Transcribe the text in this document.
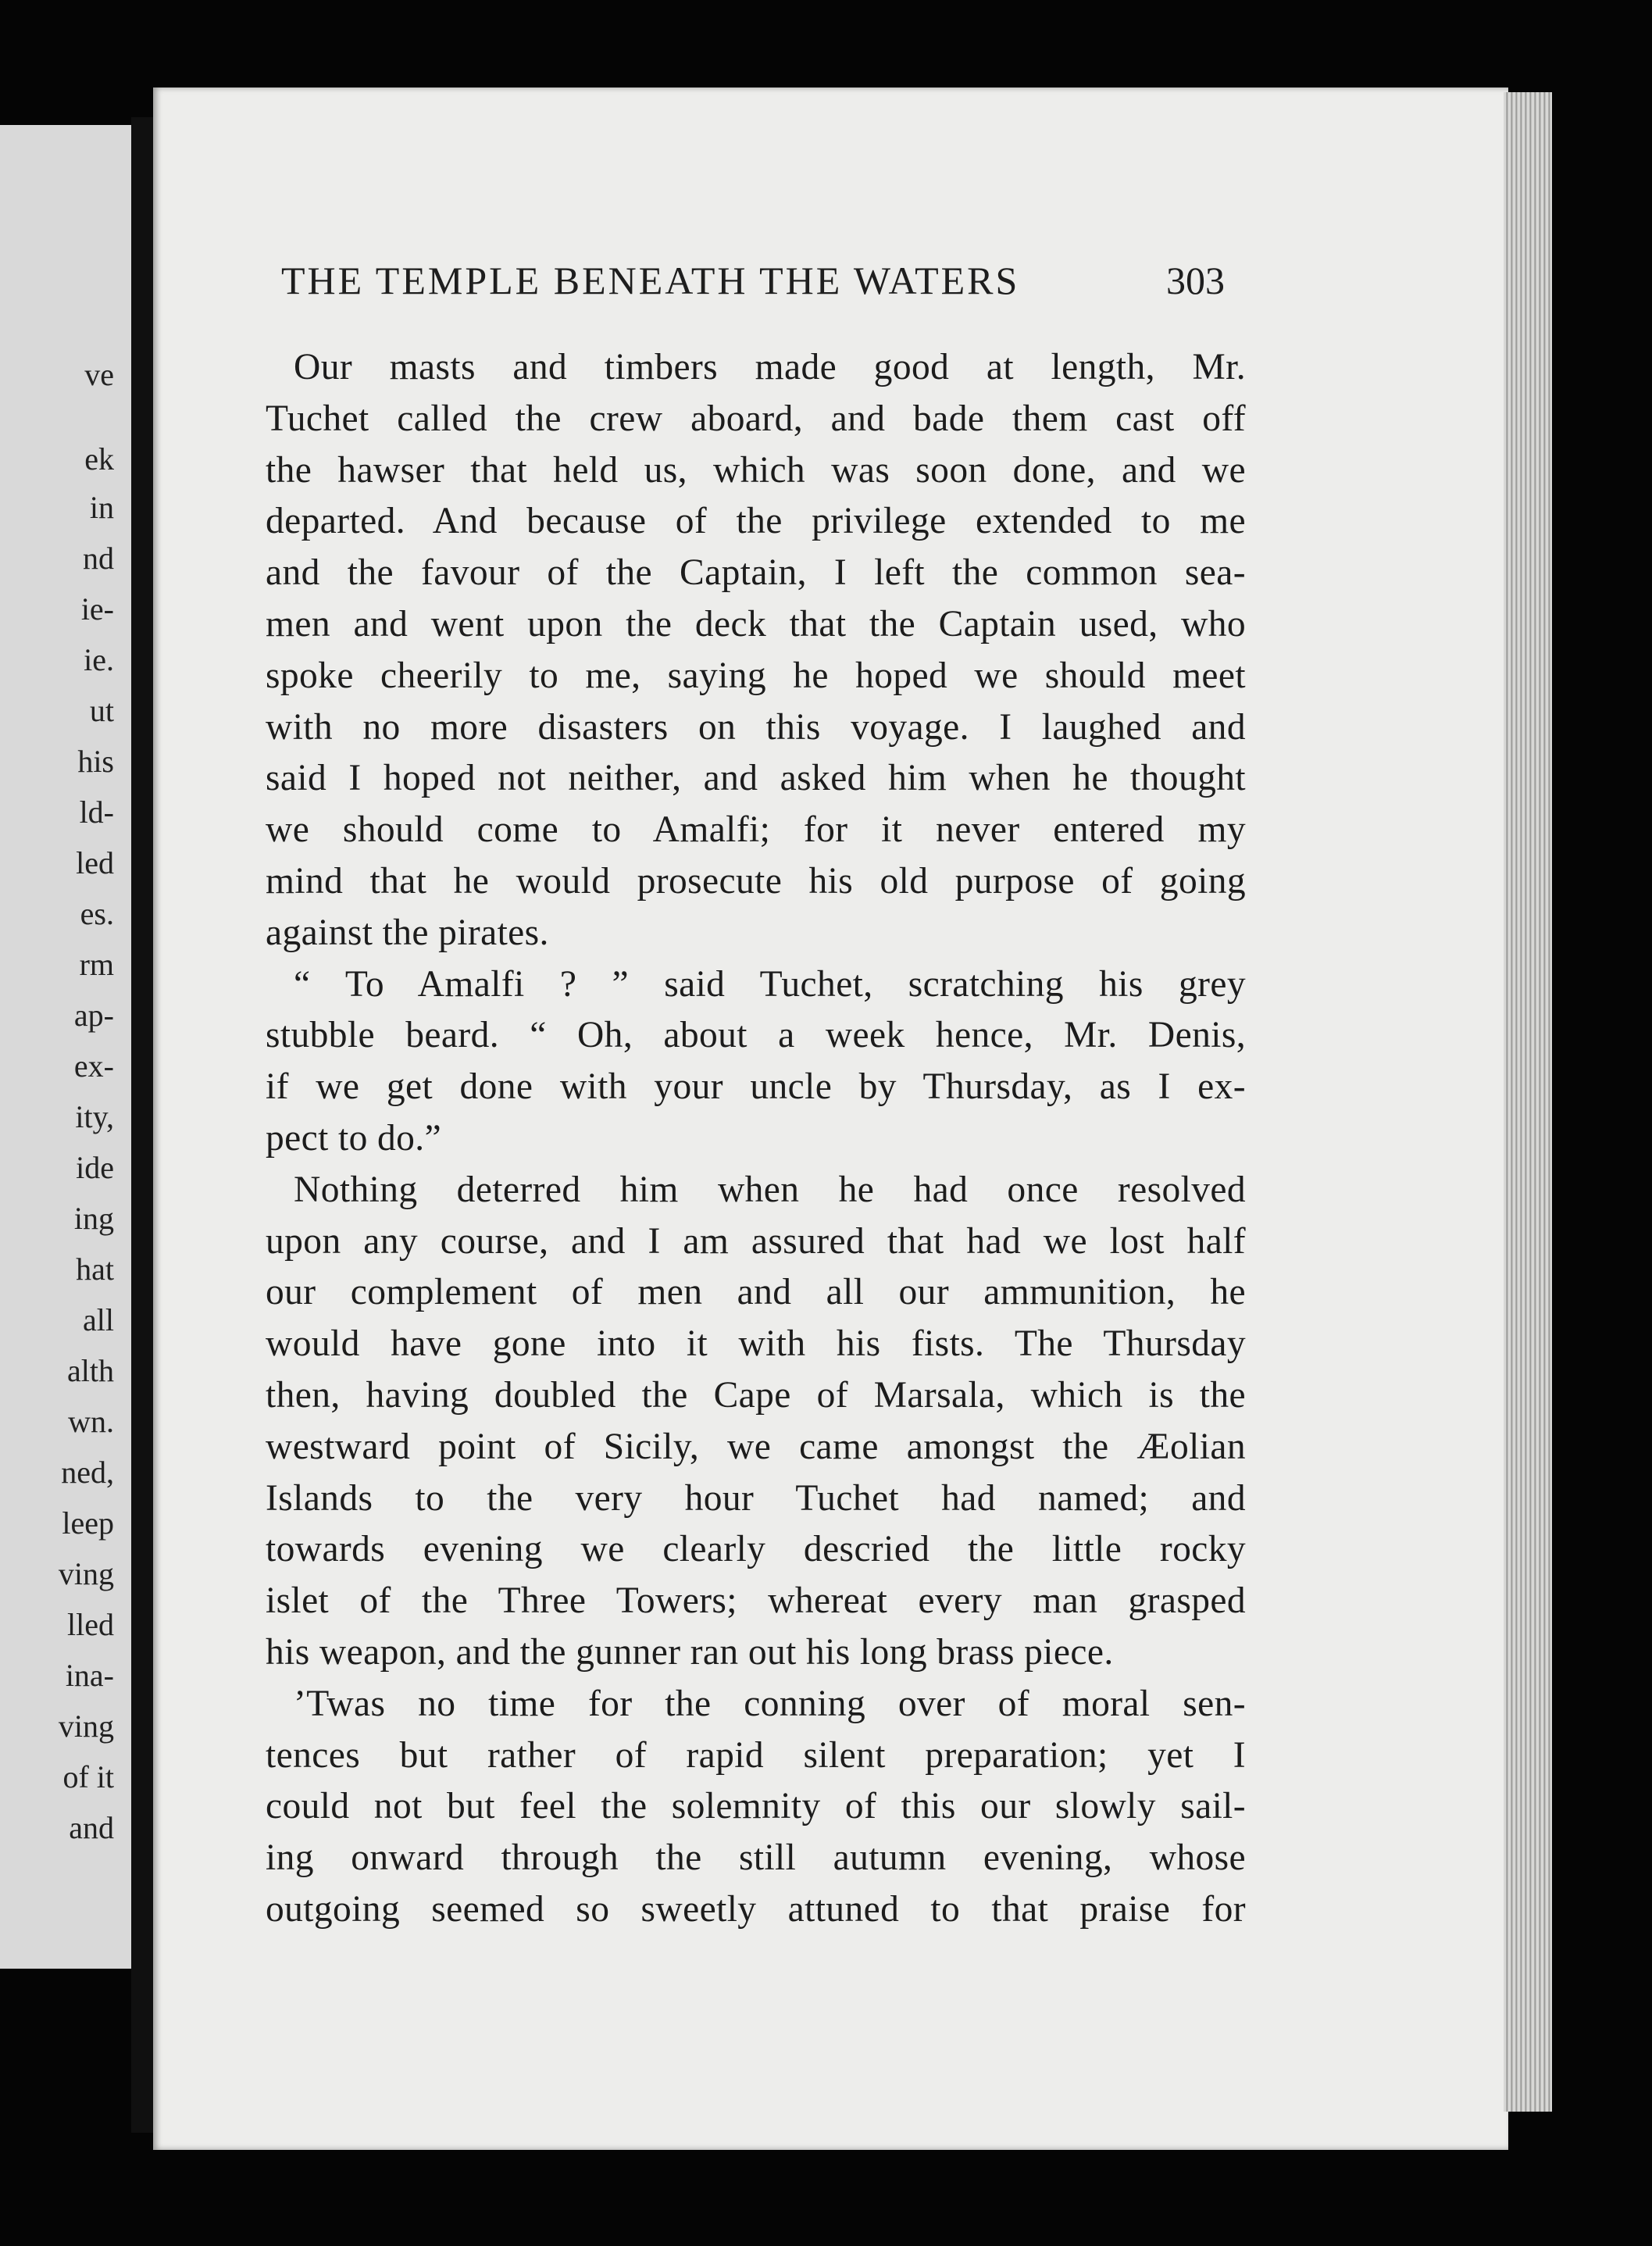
ve
ek
in
nd
ie-
ie.
ut
his
ld-
led
es.
rm
ap-
ex-
ity,
ide
ing
hat
all
alth
wn.
ned,
leep
ving
lled
ina-
ving
of it
and
THE TEMPLE BENEATH THE WATERS	303
Our masts and timbers made good at length, Mr.
Tuchet called the crew aboard, and bade them cast off
the hawser that held us, which was soon done, and we
departed. And because of the privilege extended to me
and the favour of the Captain, I left the common sea-
men and went upon the deck that the Captain used, who
spoke cheerily to me, saying he hoped we should meet
with no more disasters on this voyage. I laughed and
said I hoped not neither, and asked him when he thought
we should come to Amalfi; for it never entered my
mind that he would prosecute his old purpose of going
against the pirates.
“ To Amalfi ? ” said Tuchet, scratching his grey
stubble beard. “ Oh, about a week hence, Mr. Denis,
if we get done with your uncle by Thursday, as I ex-
pect to do.”
Nothing deterred him when he had once resolved
upon any course, and I am assured that had we lost half
our complement of men and all our ammunition, he
would have gone into it with his fists. The Thursday
then, having doubled the Cape of Marsala, which is the
westward point of Sicily, we came amongst the Æolian
Islands to the very hour Tuchet had named; and
towards evening we clearly descried the little rocky
islet of the Three Towers; whereat every man grasped
his weapon, and the gunner ran out his long brass piece.
’Twas no time for the conning over of moral sen-
tences but rather of rapid silent preparation; yet I
could not but feel the solemnity of this our slowly sail-
ing onward through the still autumn evening, whose
outgoing seemed so sweetly attuned to that praise for
